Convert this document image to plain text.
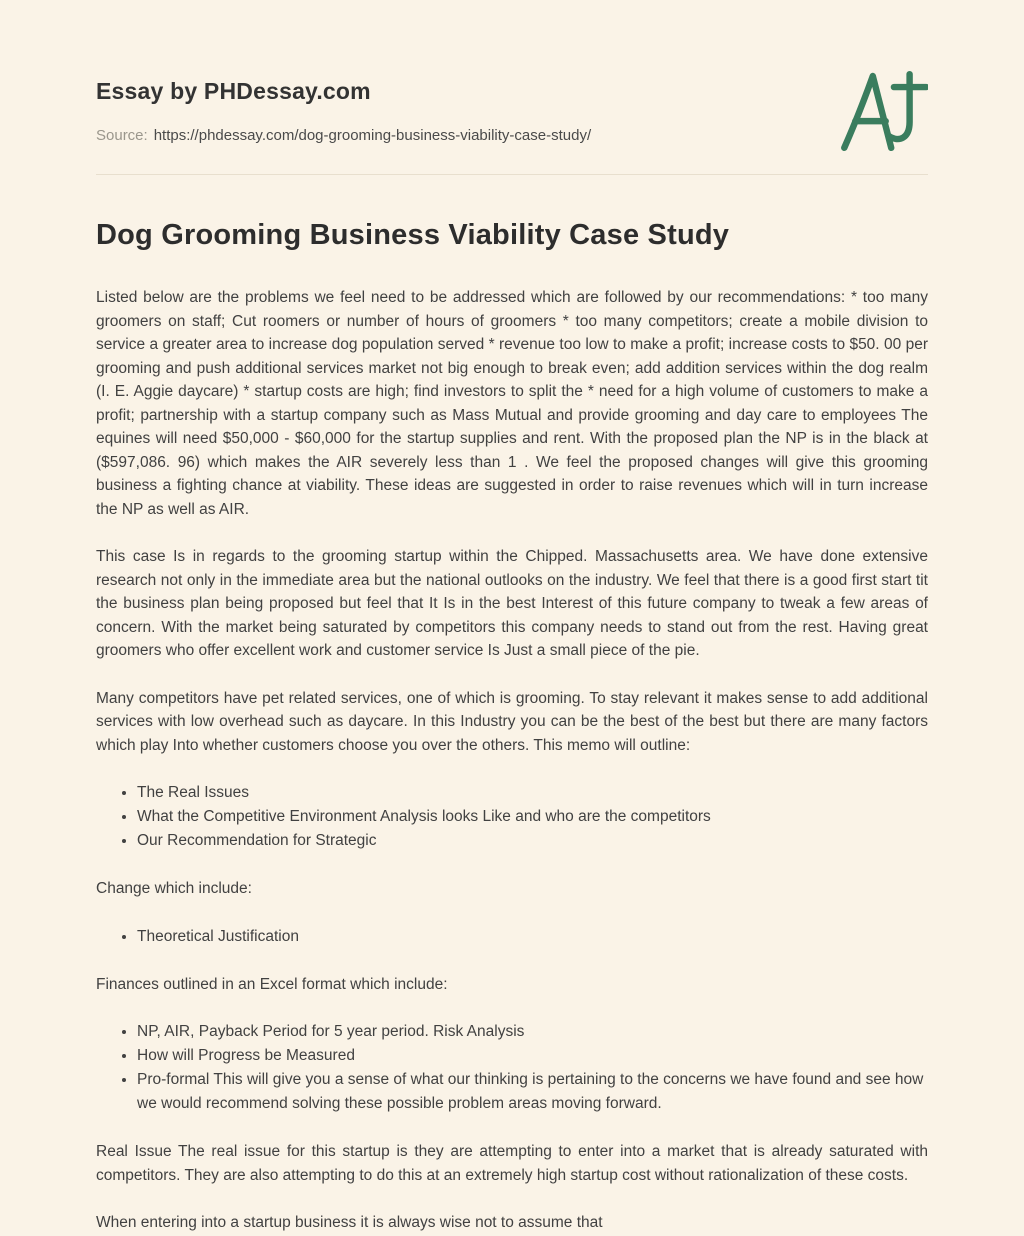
Essay by PHDessay.com

Source: https://phdessay.com/dog-grooming-business-viability-case-study/

Dog Grooming Business Viability Case Study

Listed below are the problems we feel need to be addressed which are followed by our recommendations: * too many groomers on staff; Cut roomers or number of hours of groomers * too many competitors; create a mobile division to service a greater area to increase dog population served * revenue too low to make a profit; increase costs to $50. 00 per grooming and push additional services market not big enough to break even; add addition services within the dog realm (I. E. Aggie daycare) * startup costs are high; find investors to split the * need for a high volume of customers to make a profit; partnership with a startup company such as Mass Mutual and provide grooming and day care to employees The equines will need $50,000 - $60,000 for the startup supplies and rent. With the proposed plan the NP is in the black at ($597,086. 96) which makes the AIR severely less than 1 . We feel the proposed changes will give this grooming business a fighting chance at viability. These ideas are suggested in order to raise revenues which will in turn increase the NP as well as AIR.

This case Is in regards to the grooming startup within the Chipped. Massachusetts area. We have done extensive research not only in the immediate area but the national outlooks on the industry. We feel that there is a good first start tit the business plan being proposed but feel that It Is in the best Interest of this future company to tweak a few areas of concern. With the market being saturated by competitors this company needs to stand out from the rest. Having great groomers who offer excellent work and customer service Is Just a small piece of the pie.

Many competitors have pet related services, one of which is grooming. To stay relevant it makes sense to add additional services with low overhead such as daycare. In this Industry you can be the best of the best but there are many factors which play Into whether customers choose you over the others. This memo will outline:

• The Real Issues
• What the Competitive Environment Analysis looks Like and who are the competitors
• Our Recommendation for Strategic

Change which include:

• Theoretical Justification

Finances outlined in an Excel format which include:

• NP, AIR, Payback Period for 5 year period. Risk Analysis
• How will Progress be Measured
• Pro-formal This will give you a sense of what our thinking is pertaining to the concerns we have found and see how we would recommend solving these possible problem areas moving forward.

Real Issue The real issue for this startup is they are attempting to enter into a market that is already saturated with competitors. They are also attempting to do this at an extremely high startup cost without rationalization of these costs.

When entering into a startup business it is always wise not to assume that
